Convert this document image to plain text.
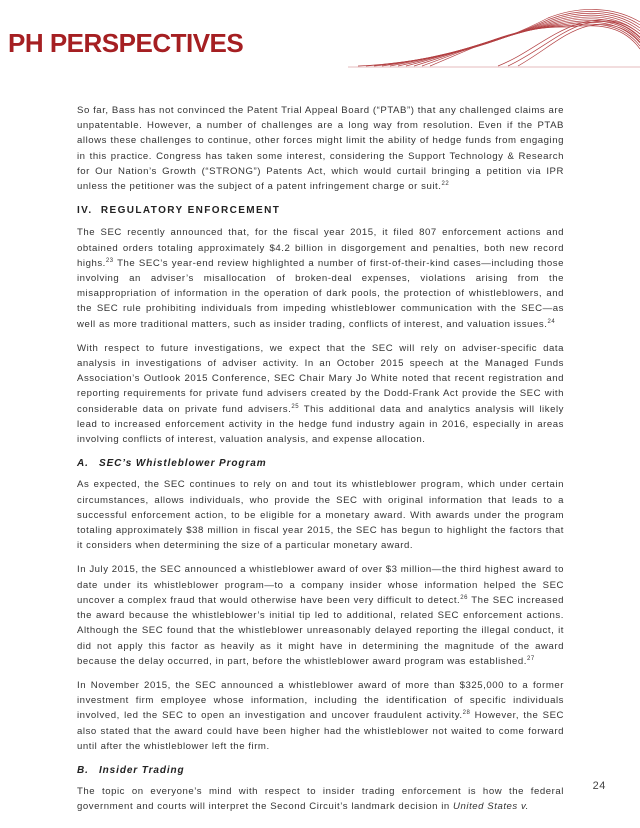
PH PERSPECTIVES

So far, Bass has not convinced the Patent Trial Appeal Board (“PTAB”) that any challenged claims are unpatentable. However, a number of challenges are a long way from resolution. Even if the PTAB allows these challenges to continue, other forces might limit the ability of hedge funds from engaging in this practice. Congress has taken some interest, considering the Support Technology & Research for Our Nation’s Growth (“STRONG”) Patents Act, which would curtail bringing a petition via IPR unless the petitioner was the subject of a patent infringement charge or suit.$^{22}$

IV. REGULATORY ENFORCEMENT

The SEC recently announced that, for the fiscal year 2015, it filed 807 enforcement actions and obtained orders totaling approximately $4.2 billion in disgorgement and penalties, both new record highs.$^{23}$ The SEC’s year-end review highlighted a number of first-of-their-kind cases—including those involving an adviser’s misallocation of broken-deal expenses, violations arising from the misappropriation of information in the operation of dark pools, the protection of whistleblowers, and the SEC rule prohibiting individuals from impeding whistleblower communication with the SEC—as well as more traditional matters, such as insider trading, conflicts of interest, and valuation issues.$^{24}$

With respect to future investigations, we expect that the SEC will rely on adviser-specific data analysis in investigations of adviser activity. In an October 2015 speech at the Managed Funds Association’s Outlook 2015 Conference, SEC Chair Mary Jo White noted that recent registration and reporting requirements for private fund advisers created by the Dodd-Frank Act provide the SEC with considerable data on private fund advisers.$^{25}$ This additional data and analytics analysis will likely lead to increased enforcement activity in the hedge fund industry again in 2016, especially in areas involving conflicts of interest, valuation analysis, and expense allocation.

A. SEC’s Whistleblower Program

As expected, the SEC continues to rely on and tout its whistleblower program, which under certain circumstances, allows individuals, who provide the SEC with original information that leads to a successful enforcement action, to be eligible for a monetary award. With awards under the program totaling approximately $38 million in fiscal year 2015, the SEC has begun to highlight the factors that it considers when determining the size of a particular monetary award.

In July 2015, the SEC announced a whistleblower award of over $3 million—the third highest award to date under its whistleblower program—to a company insider whose information helped the SEC uncover a complex fraud that would otherwise have been very difficult to detect.$^{26}$ The SEC increased the award because the whistleblower’s initial tip led to additional, related SEC enforcement actions. Although the SEC found that the whistleblower unreasonably delayed reporting the illegal conduct, it did not apply this factor as heavily as it might have in determining the magnitude of the award because the delay occurred, in part, before the whistleblower award program was established.$^{27}$

In November 2015, the SEC announced a whistleblower award of more than $325,000 to a former investment firm employee whose information, including the identification of specific individuals involved, led the SEC to open an investigation and uncover fraudulent activity.$^{28}$ However, the SEC also stated that the award could have been higher had the whistleblower not waited to come forward until after the whistleblower left the firm.

B. Insider Trading

The topic on everyone’s mind with respect to insider trading enforcement is how the federal government and courts will interpret the Second Circuit’s landmark decision in United States v.

24
